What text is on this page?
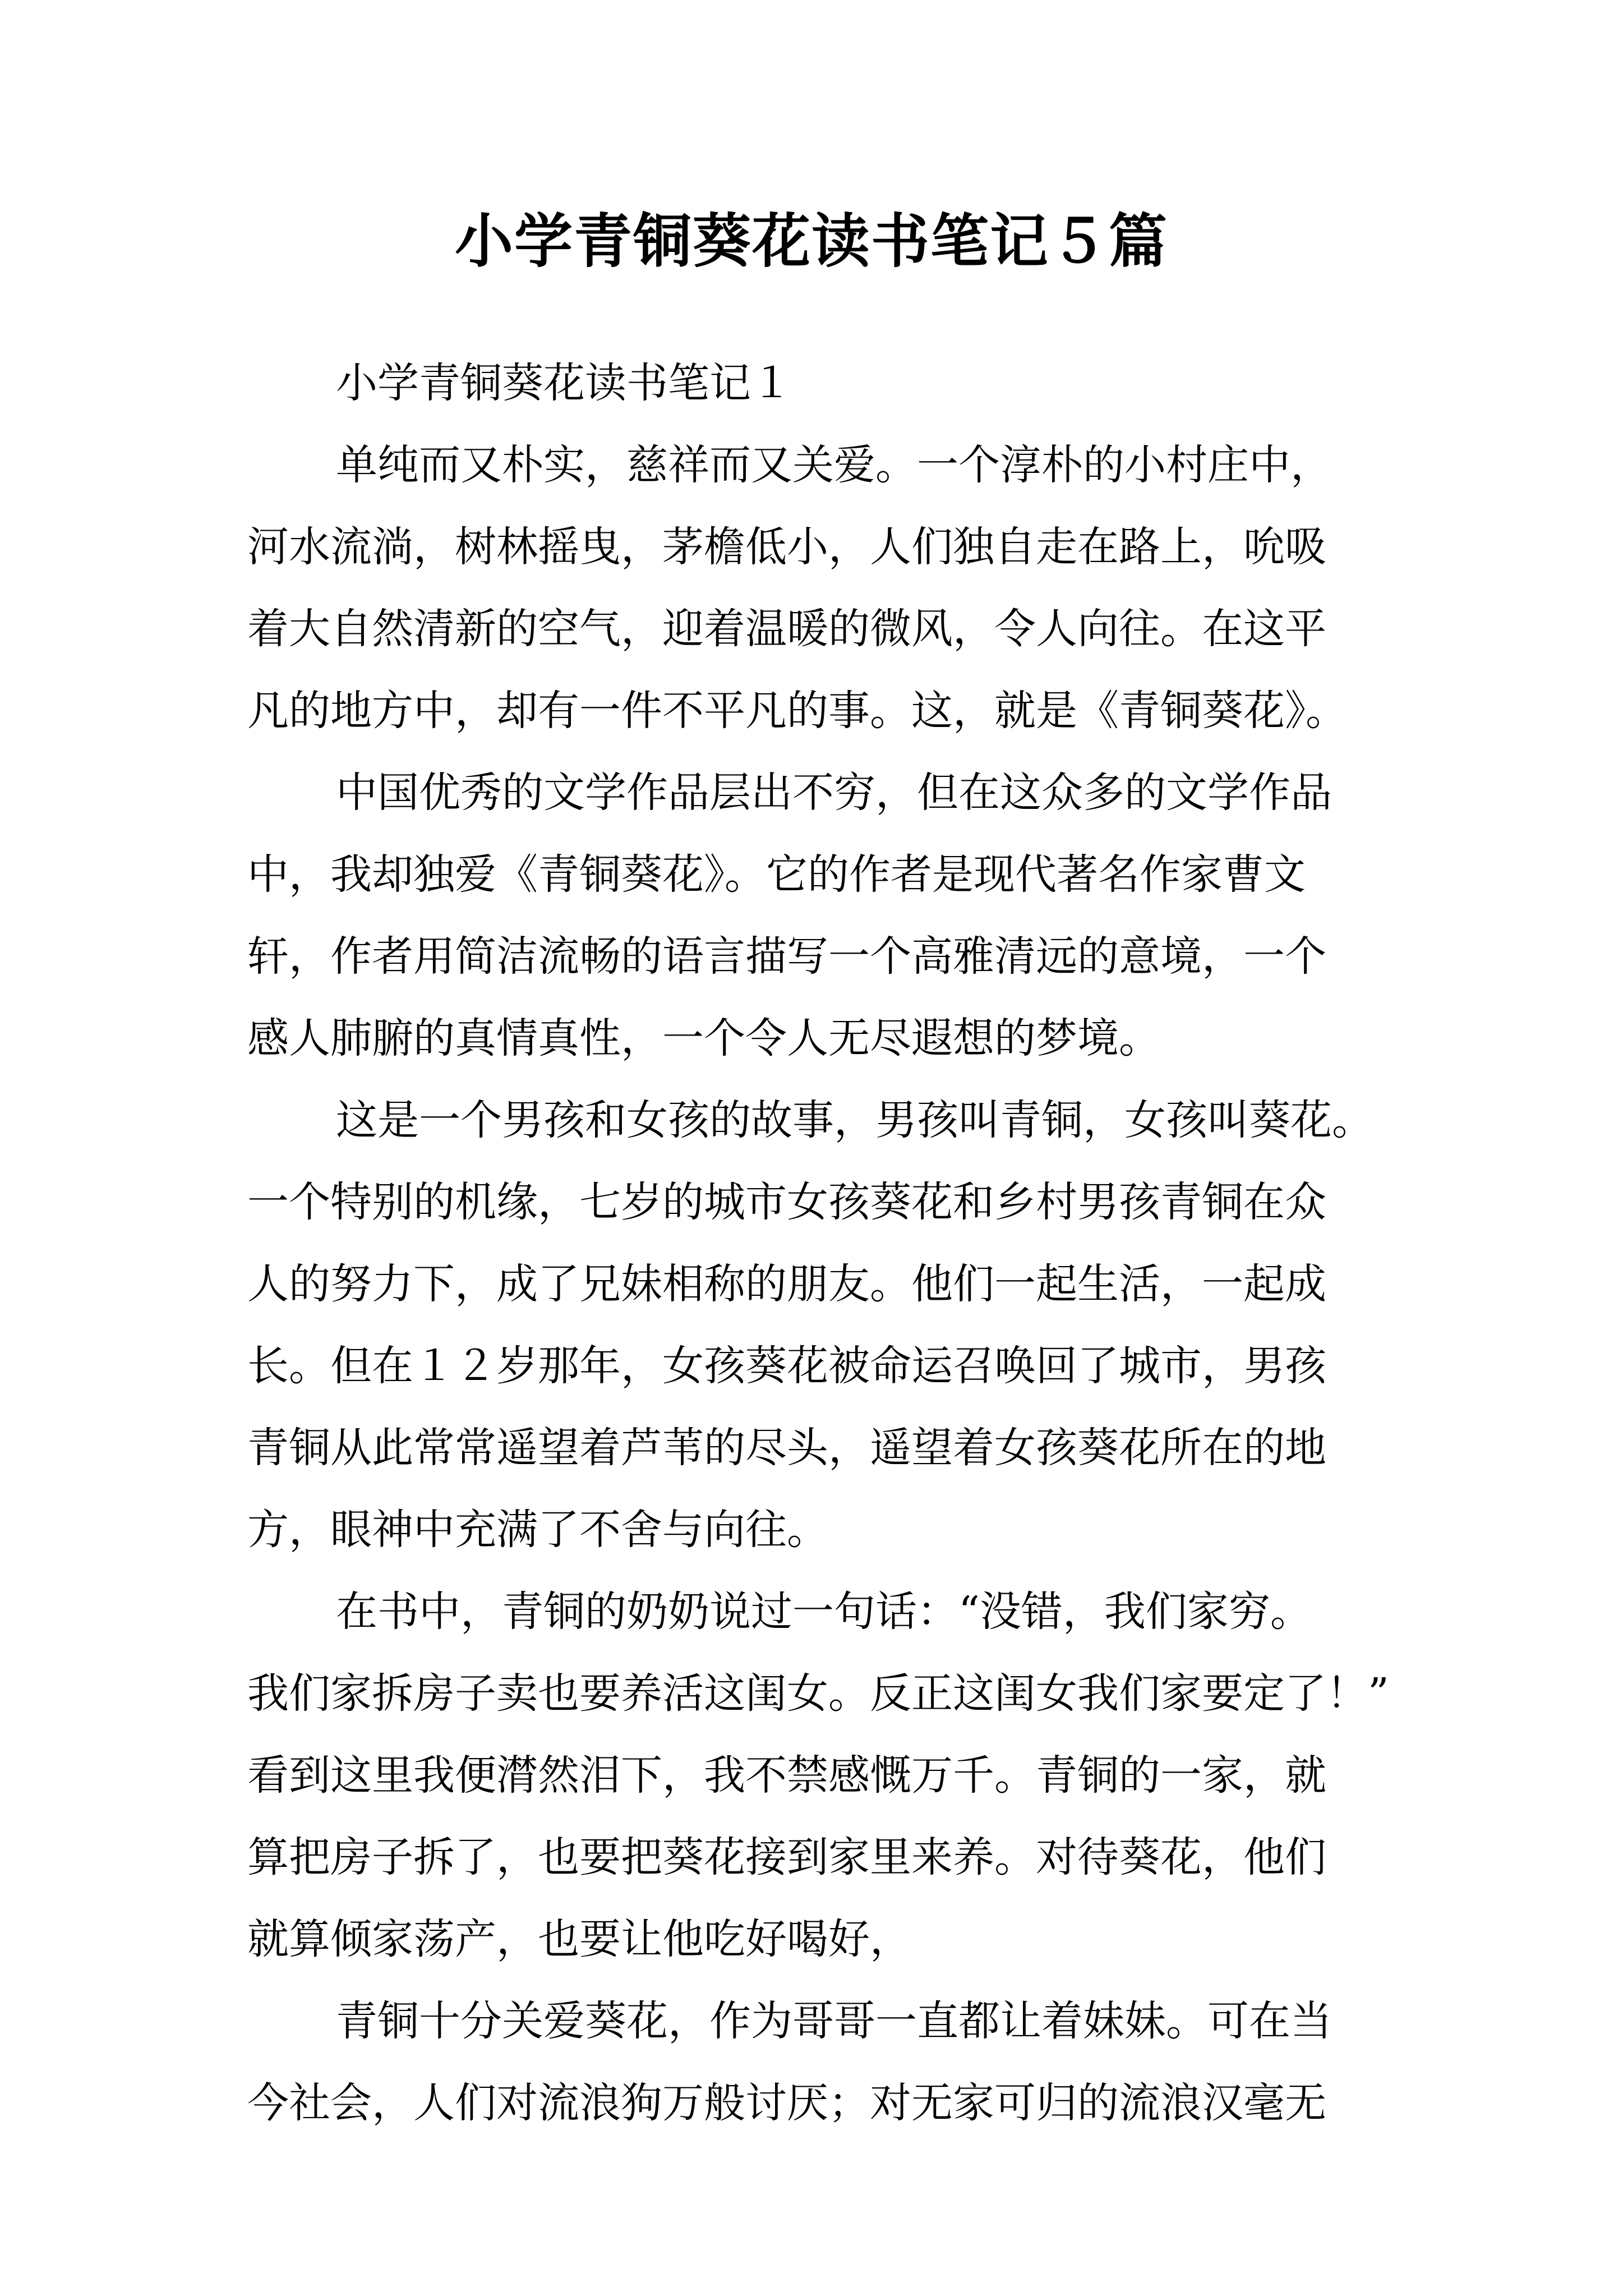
小学青铜葵花读书笔记５篇

小学青铜葵花读书笔记１

单纯而又朴实，慈祥而又关爱。一个淳朴的小村庄中，
河水流淌，树林摇曳，茅檐低小，人们独自走在路上，吮吸
着大自然清新的空气，迎着温暖的微风，令人向往。在这平
凡的地方中，却有一件不平凡的事。这，就是《青铜葵花》。

中国优秀的文学作品层出不穷，但在这众多的文学作品
中，我却独爱《青铜葵花》。它的作者是现代著名作家曹文
轩，作者用简洁流畅的语言描写一个高雅清远的意境，一个
感人肺腑的真情真性，一个令人无尽遐想的梦境。

这是一个男孩和女孩的故事，男孩叫青铜，女孩叫葵花。
一个特别的机缘，七岁的城市女孩葵花和乡村男孩青铜在众
人的努力下，成了兄妹相称的朋友。他们一起生活，一起成
长。但在１２岁那年，女孩葵花被命运召唤回了城市，男孩
青铜从此常常遥望着芦苇的尽头，遥望着女孩葵花所在的地
方，眼神中充满了不舍与向往。

在书中，青铜的奶奶说过一句话：“没错，我们家穷。
我们家拆房子卖也要养活这闺女。反正这闺女我们家要定了！”
看到这里我便潸然泪下，我不禁感慨万千。青铜的一家，就
算把房子拆了，也要把葵花接到家里来养。对待葵花，他们
就算倾家荡产，也要让他吃好喝好，

青铜十分关爱葵花，作为哥哥一直都让着妹妹。可在当
今社会，人们对流浪狗万般讨厌；对无家可归的流浪汉毫无
